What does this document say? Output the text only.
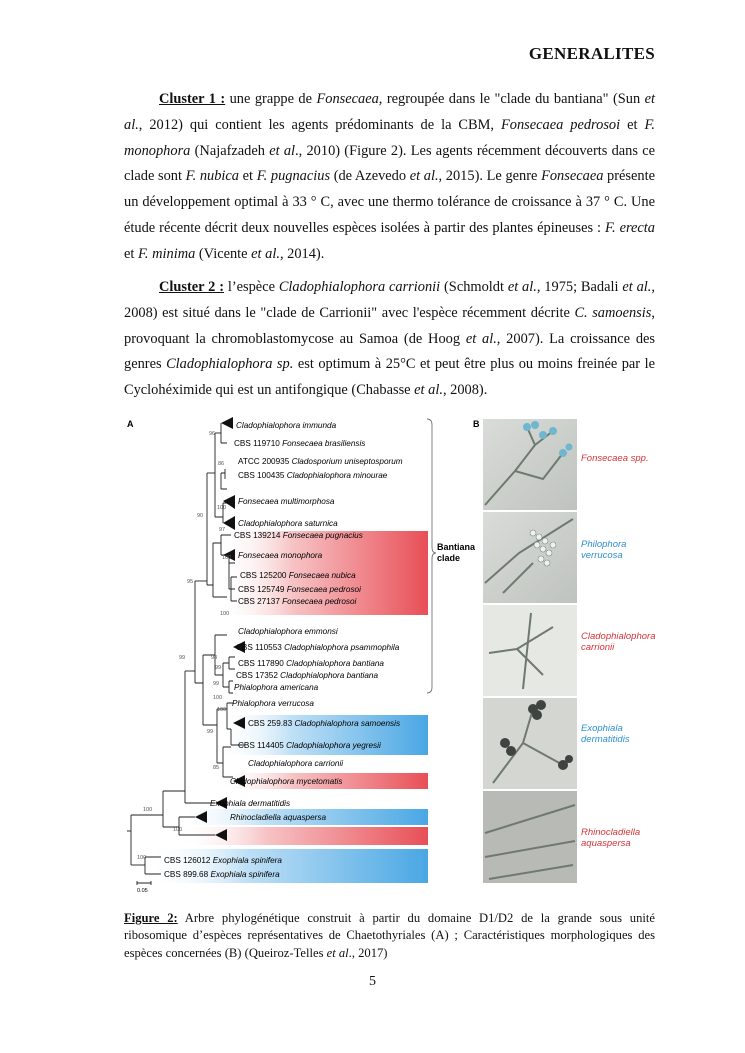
GENERALITES
Cluster 1 : une grappe de Fonsecaea, regroupée dans le "clade du bantiana" (Sun et al., 2012) qui contient les agents prédominants de la CBM, Fonsecaea pedrosoi et F. monophora (Najafzadeh et al., 2010) (Figure 2). Les agents récemment découverts dans ce clade sont F. nubica et F. pugnacius (de Azevedo et al., 2015). Le genre Fonsecaea présente un développement optimal à 33 ° C, avec une thermo tolérance de croissance à 37 ° C. Une étude récente décrit deux nouvelles espèces isolées à partir des plantes épineuses : F. erecta et F. minima (Vicente et al., 2014).
Cluster 2 : l’espèce Cladophialophora carrionii (Schmoldt et al., 1975; Badali et al., 2008) est situé dans le "clade de Carrionii" avec l'espèce récemment décrite C. samoensis, provoquant la chromoblastomycose au Samoa (de Hoog et al., 2007). La croissance des genres Cladophialophora sp. est optimum à 25°C et peut être plus ou moins freinée par le Cyclohéximide qui est un antifongique (Chabasse et al., 2008).
A	B
Bantiana
clade
0.05
Cladophialophora immunda
CBS 119710 Fonsecaea brasiliensis
ATCC 200935 Cladosporium uniseptosporum
CBS 100435 Cladophialophora minourae
Fonsecaea multimorphosa
Cladophialophora saturnica
CBS 139214 Fonsecaea pugnacius
Fonsecaea monophora
CBS 125200 Fonsecaea nubica
CBS 125749 Fonsecaea pedrosoi
CBS 27137 Fonsecaea pedrosoi
Cladophialophora emmonsi
CBS 110553 Cladophialophora psammophila
CBS 117890 Cladophialophora bantiana
CBS 17352 Cladophialophora bantiana
Phialophora americana
Phialophora verrucosa
CBS 259.83 Cladophialophora samoensis
CBS 114405 Cladophialophora yegresii
Cladophialophora carrionii
Cladophialophora mycetomatis
Exophiala dermatitidis
Rhinocladiella aquaspersa
CBS 126012 Exophiala spinifera
CBS 899.68 Exophiala spinifera
96
86
100
90
97
95
100
100
99	98
99
99
100
100
99
85
100
100
100
Fonsecaea spp.
Philophora
verrucosa
Cladophialophora
carrionii
Exophiala
dermatitidis
Rhinocladiella
aquaspersa
Figure 2: Arbre phylogénétique construit à partir du domaine D1/D2 de la grande sous unité ribosomique d’espèces représentatives de Chaetothyriales (A) ; Caractéristiques morphologiques des espèces concernées (B) (Queiroz-Telles et al., 2017)
5
